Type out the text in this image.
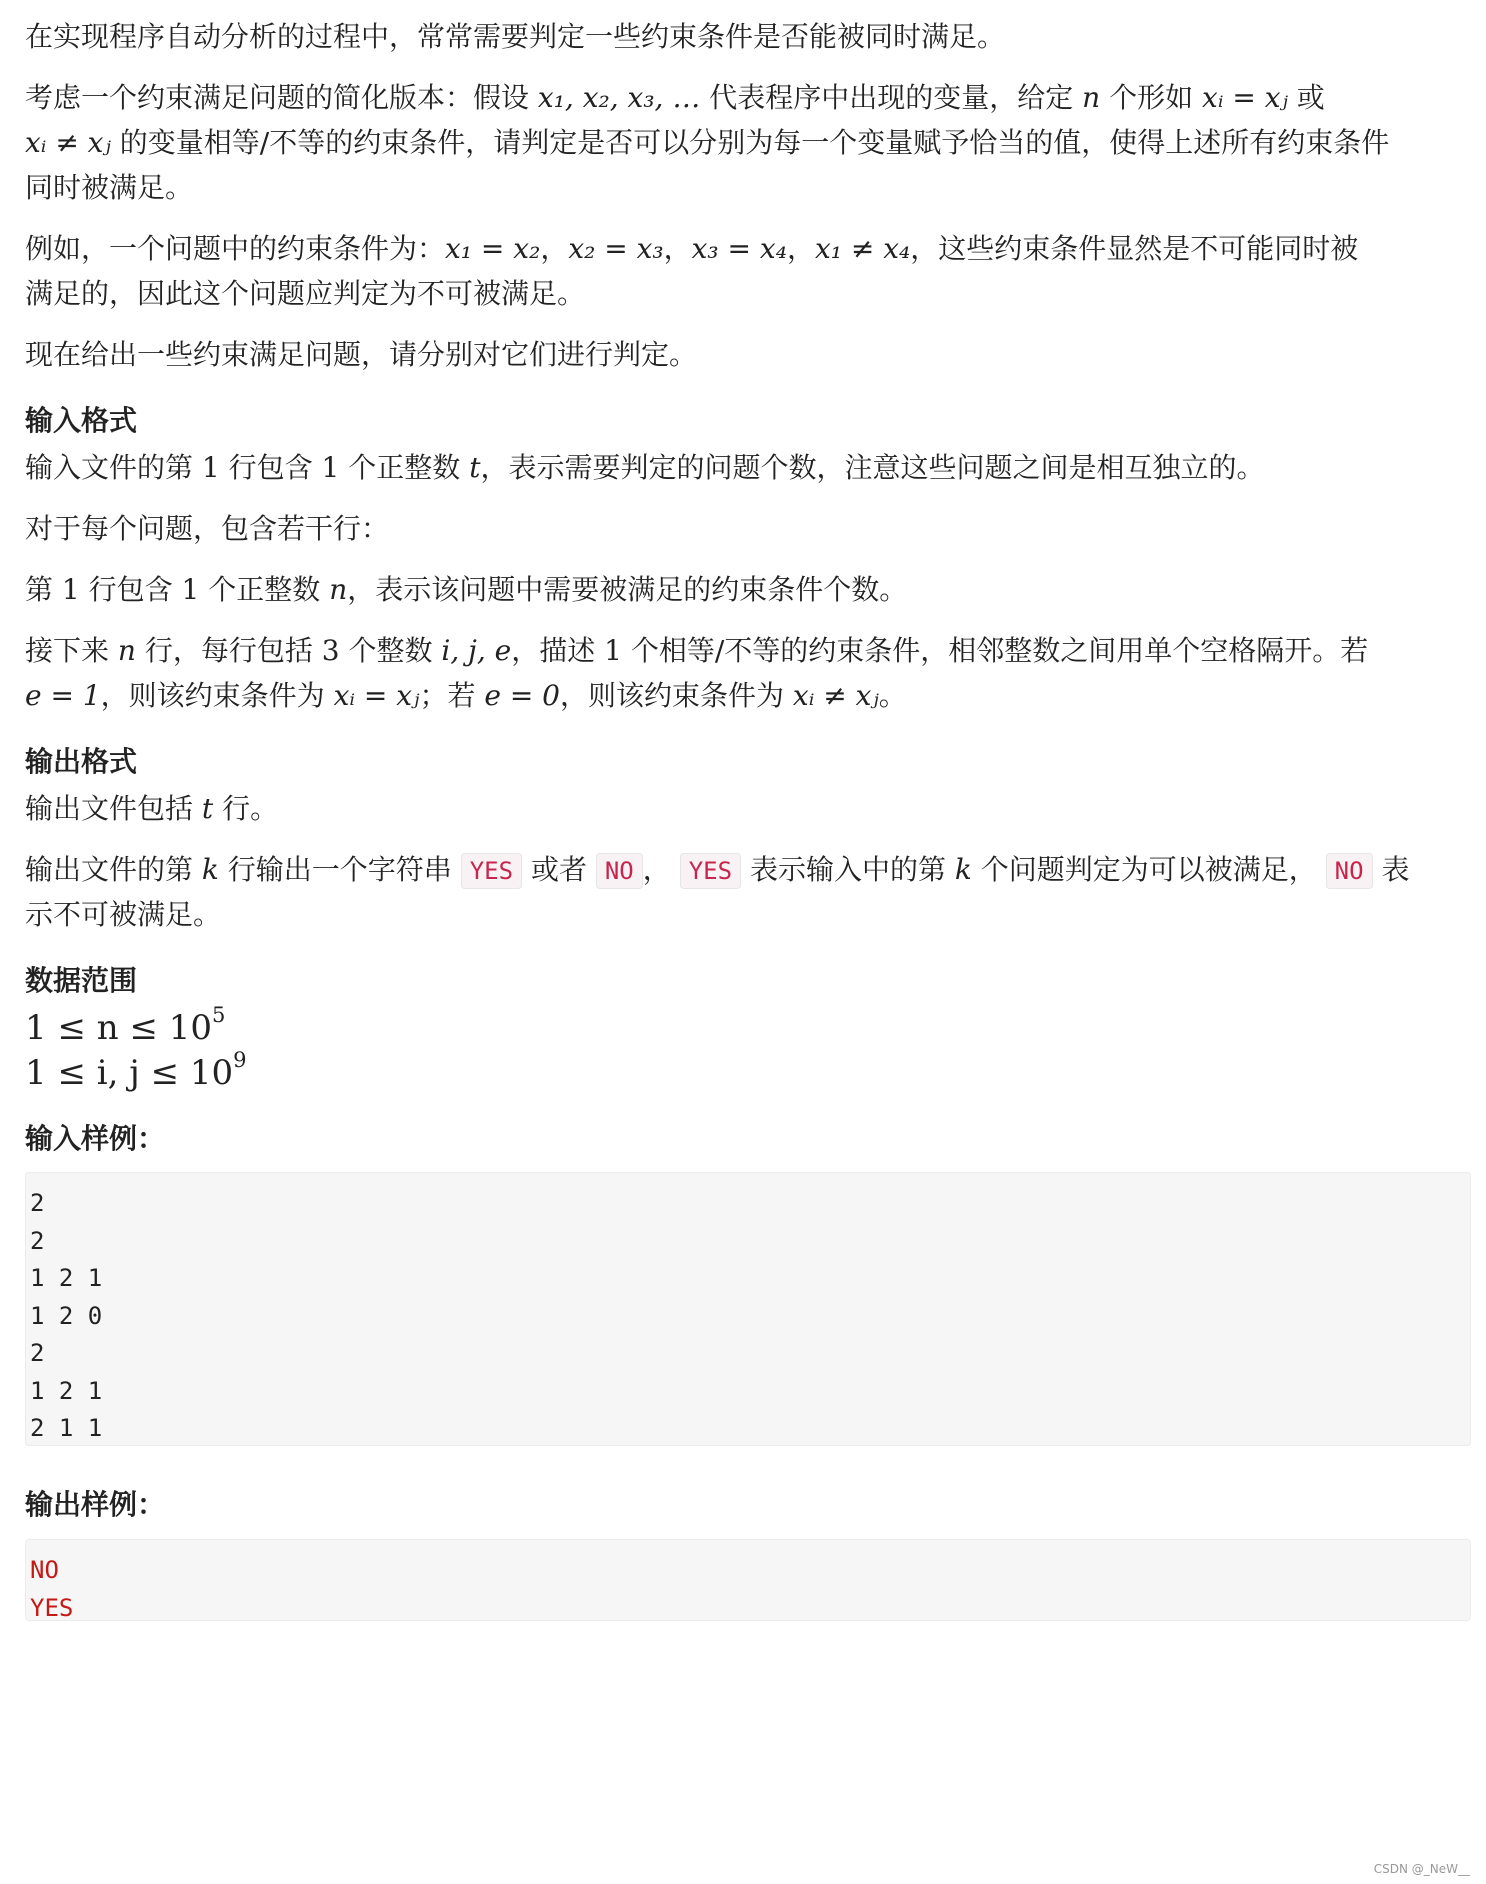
在实现程序自动分析的过程中，常常需要判定一些约束条件是否能被同时满足。

考虑一个约束满足问题的简化版本：假设 x₁, x₂, x₃, … 代表程序中出现的变量，给定 n 个形如 xᵢ = xⱼ 或

xᵢ ≠ xⱼ 的变量相等/不等的约束条件，请判定是否可以分别为每一个变量赋予恰当的值，使得上述所有约束条件

同时被满足。

例如，一个问题中的约束条件为：x₁ = x₂，x₂ = x₃，x₃ = x₄，x₁ ≠ x₄，这些约束条件显然是不可能同时被

满足的，因此这个问题应判定为不可被满足。

现在给出一些约束满足问题，请分别对它们进行判定。

输入格式

输入文件的第 1 行包含 1 个正整数 t，表示需要判定的问题个数，注意这些问题之间是相互独立的。

对于每个问题，包含若干行：

第 1 行包含 1 个正整数 n，表示该问题中需要被满足的约束条件个数。

接下来 n 行，每行包括 3 个整数 i, j, e，描述 1 个相等/不等的约束条件，相邻整数之间用单个空格隔开。若

e = 1，则该约束条件为 xᵢ = xⱼ；若 e = 0，则该约束条件为 xᵢ ≠ xⱼ。

输出格式

输出文件包括 t 行。

输出文件的第 k 行输出一个字符串 YES 或者 NO ， YES 表示输入中的第 k 个问题判定为可以被满足， NO 表

示不可被满足。

数据范围

$1 \le n \le 10^5$

1 ≤ i, $j \le 10^9$

输入样例：
2
2
1 2 1
1 2 0
2
1 2 1
2 1 1
输出样例：
NO
YES
CSDN @_NeW__
